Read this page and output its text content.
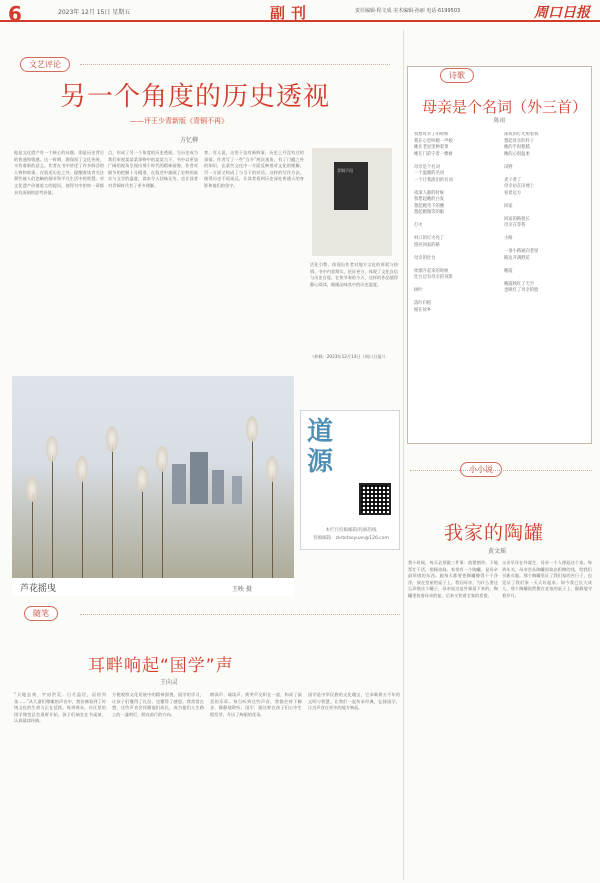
6	2023年 12月 15日 星期五	副刊	责任编辑·程文成 美术编辑·孙丽 电话·6199503	周口日报
文艺评论
另一个角度的历史透视
——评王少青新版《青铜不再》
方忆柳
他是文化遗产有一个核心的母题，即是历史背后的普通和情感。这一时期，既保留了文化传统，又有着新的意义。作者在书中讲述了许多鲜活的人物和故事，在叙述历史之外，提醒着读者关注那些被人们忽略的细节和平凡生活中的智慧。对文化遗产价值重大的提问，使得书中的每一章都具有深刻的思考价值。
点，形成了另一个角度的历史透视。当历史成为我们审视某某某事物中的某某当下，书中以更加广阔的视角呈现出那个时代的精神面貌。作者对细节的把握十分精准，在叙述中兼顾了史料的真实与文学的温度，读来令人回味无穷，也让读者对青铜时代有了更多理解。
育，有人说，这用于仪有新鲜事，历史上并没有过的事情。作者写了一些“当多”两次视角，有了门槛之外的知识，在某些文化中一方面反映着对文化的理解，另一方面又构成了与当下的对话。这样的写作方法，使得历史不再遥远，让读者看到历史深处普通人的身影和他们的坚守。
青铜不再
活化引擎，体现出作者对地方文化的厚爱与热情。书中内容翔实，论证充分，体现了文化自信与历史自觉。在快节奏的今天，这样的作品值得静心阅读，细细品味其中的历史温度。
（转载：2023年12月14日《周口日报》）
芦花摇曳	王映 摄
道源
本栏目投稿邮箱/投稿热线
投稿邮箱：zkrbdaoyuan@126.com
诗歌
母亲是个名词（外三首）
陈雨
我想母亲了的时候
我在心里叫她一声娘
她在老屋里种着菜
她在门前守着一棵树

母亲是个名词
一个温暖的名词
一个让我流泪的名词

夜深人静的时候
我想起她的白发
想起她弯下的腰
想起她微笑的眼

灯火

村口的灯火亮了
照亮回家的路

母亲的灶台

炊烟升起来的时候
灶台边有母亲的身影

树叶

落叶归根
根在故乡
深夜的灯光照着我
想起母亲的样子
她的手很粗糙
她的心很温柔

田野

麦子黄了
母亲站在田埂上
看着远方

回家

回家的路很长
母亲在等我

小路

一条小路通向老屋
路边开满野花

晚霞

晚霞映红了天空
也映红了母亲的脸
小小说
我家的陶罐
黄文瑶
我小时候，每天必须做三件事：放猪割草，下地帮忙干活，照顾弟妹。家里有一个陶罐，是母亲最珍惜的东西。她每天都要把陶罐擦得干干净净，放在堂屋的桌子上。我问母亲，为什么要这么珍惜这个罐子，母亲说这是外婆留下来的。陶罐里装着母亲的盐，后来又装着全家的希望。
父亲早年在外谋生，母亲一个人撑起这个家。每到年关，母亲会从陶罐里取出积攒的钱，给我们买新衣服。那个陶罐见证了我们家的苦日子，也见证了我们家一天天好起来。如今我已长大成人，那个陶罐依然摆在老家的桌子上，静静地守着岁月。
随笔
耳畔响起“国学”声
王向灵
“天地玄黄，宇宙洪荒。日月盈昃，辰宿列张……”从儿童们稚嫩的声音中，我仿佛看到了传统文化的生命力正在延续。每到周末，社区里的国学课堂总会准时开始，孩子们端坐在书桌前，认真诵读经典。
方便观察文化发展中的精神面貌。国学的学习，让孩子们懂得了礼仪，也懂得了感恩。我常常在想，这些声音会伴随他们成长，成为他们人生路上的一盏明灯，照亮前行的方向。
朗读声、诵读声、欢笑声交织在一起，构成了最美的乐章。每当听到这些声音，我都会停下脚步，静静地聆听。国学，就这样在孩子们心中生根发芽，开出了绚丽的花朵。
国学是中华民族的文化瑰宝，它承载着五千年的文明与智慧。让我们一起传承经典，弘扬国学，让这声音在更多的地方响起。
